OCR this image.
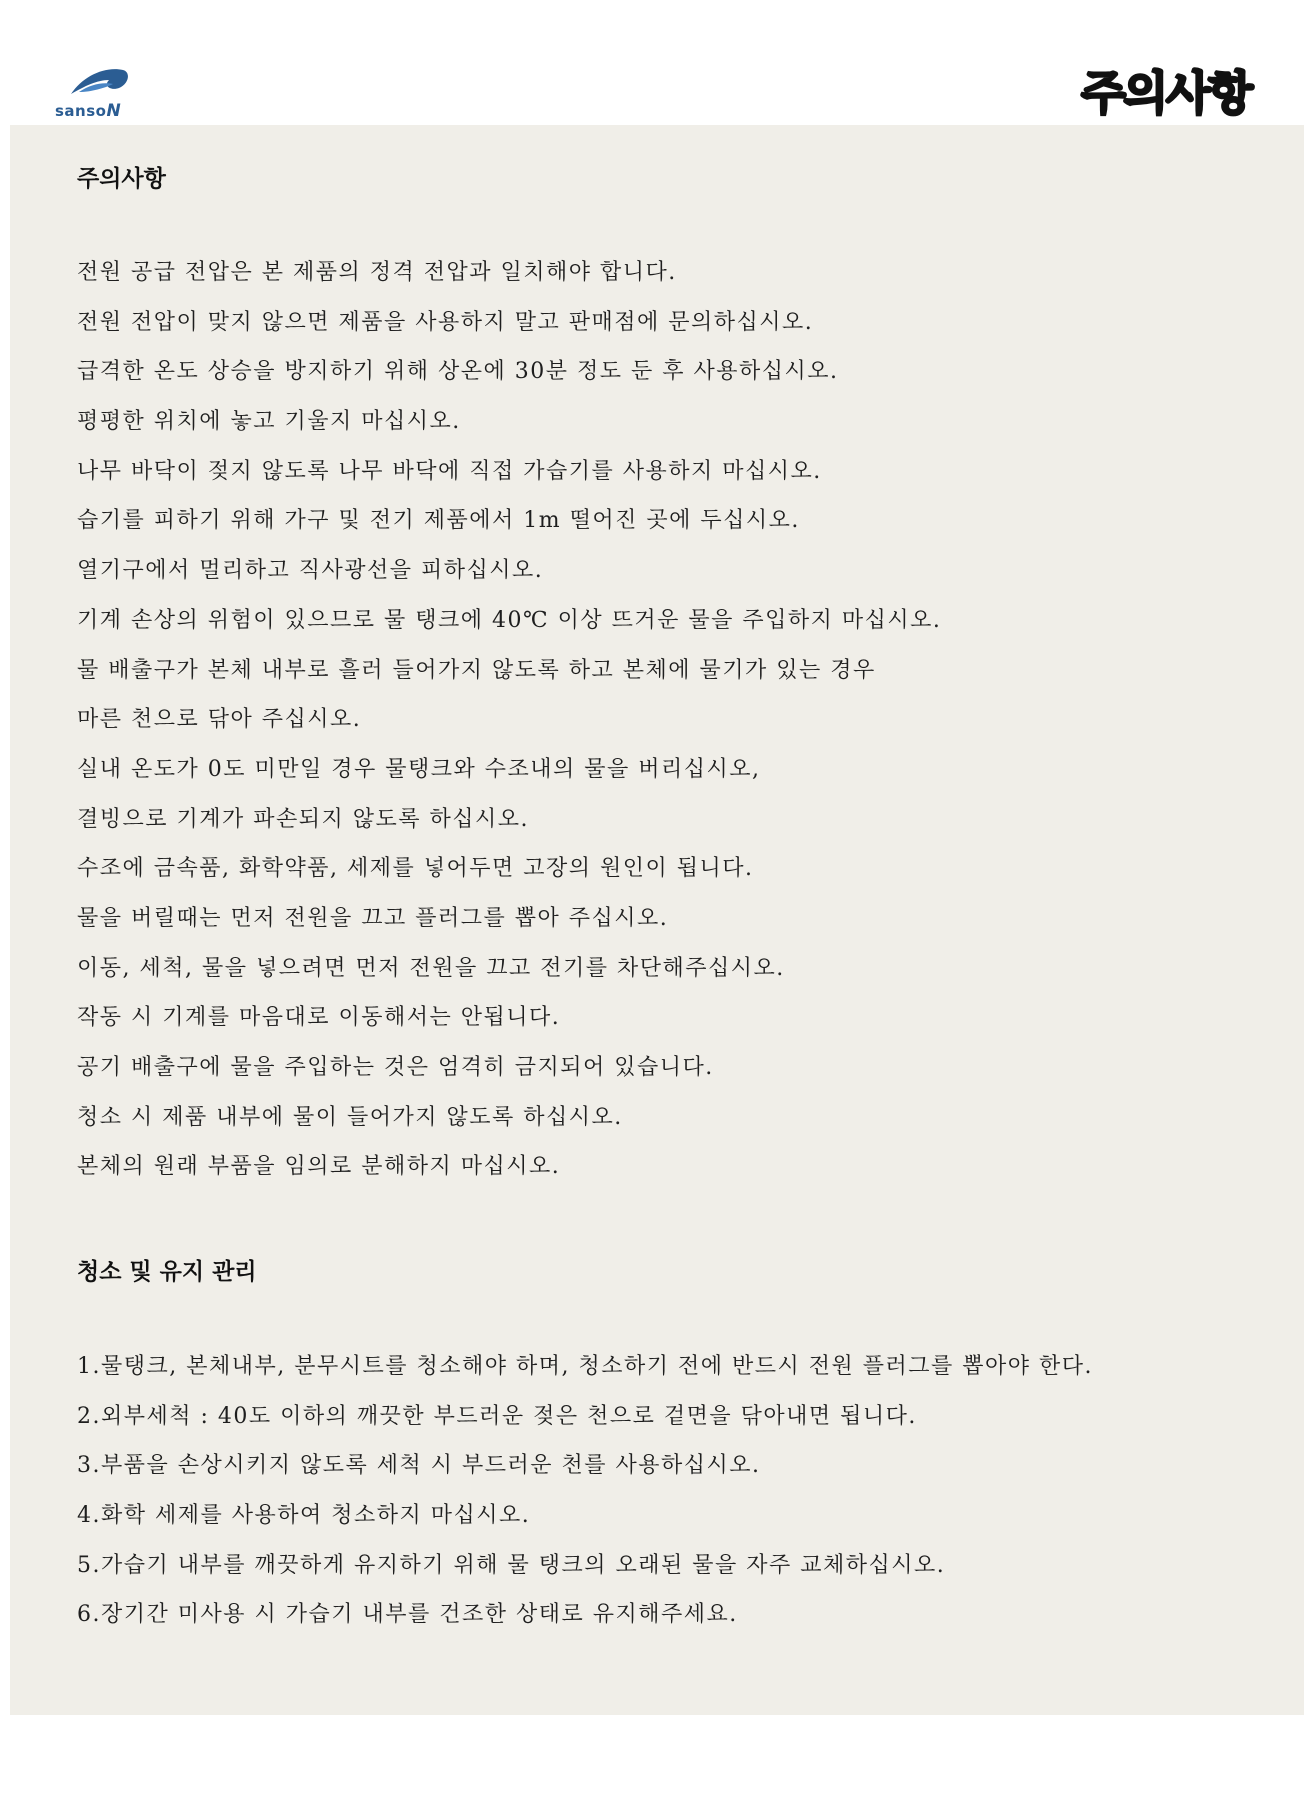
sansoN	주의사항
주의사항
전원 공급 전압은 본 제품의 정격 전압과 일치해야 합니다.
전원 전압이 맞지 않으면 제품을 사용하지 말고 판매점에 문의하십시오.
급격한 온도 상승을 방지하기 위해 상온에 30분 정도 둔 후 사용하십시오.
평평한 위치에 놓고 기울지 마십시오.
나무 바닥이 젖지 않도록 나무 바닥에 직접 가습기를 사용하지 마십시오.
습기를 피하기 위해 가구 및 전기 제품에서 1m 떨어진 곳에 두십시오.
열기구에서 멀리하고 직사광선을 피하십시오.
기계 손상의 위험이 있으므로 물 탱크에 40℃ 이상 뜨거운 물을 주입하지 마십시오.
물 배출구가 본체 내부로 흘러 들어가지 않도록 하고 본체에 물기가 있는 경우
마른 천으로 닦아 주십시오.
실내 온도가 0도 미만일 경우 물탱크와 수조내의 물을 버리십시오,
결빙으로 기계가 파손되지 않도록 하십시오.
수조에 금속품, 화학약품, 세제를 넣어두면 고장의 원인이 됩니다.
물을 버릴때는 먼저 전원을 끄고 플러그를 뽑아 주십시오.
이동, 세척, 물을 넣으려면 먼저 전원을 끄고 전기를 차단해주십시오.
작동 시 기계를 마음대로 이동해서는 안됩니다.
공기 배출구에 물을 주입하는 것은 엄격히 금지되어 있습니다.
청소 시 제품 내부에 물이 들어가지 않도록 하십시오.
본체의 원래 부품을 임의로 분해하지 마십시오.
청소 및 유지 관리
1.물탱크, 본체내부, 분무시트를 청소해야 하며, 청소하기 전에 반드시 전원 플러그를 뽑아야 한다.
2.외부세척 : 40도 이하의 깨끗한 부드러운 젖은 천으로 겉면을 닦아내면 됩니다.
3.부품을 손상시키지 않도록 세척 시 부드러운 천를 사용하십시오.
4.화학 세제를 사용하여 청소하지 마십시오.
5.가습기 내부를 깨끗하게 유지하기 위해 물 탱크의 오래된 물을 자주 교체하십시오.
6.장기간 미사용 시 가습기 내부를 건조한 상태로 유지해주세요.
